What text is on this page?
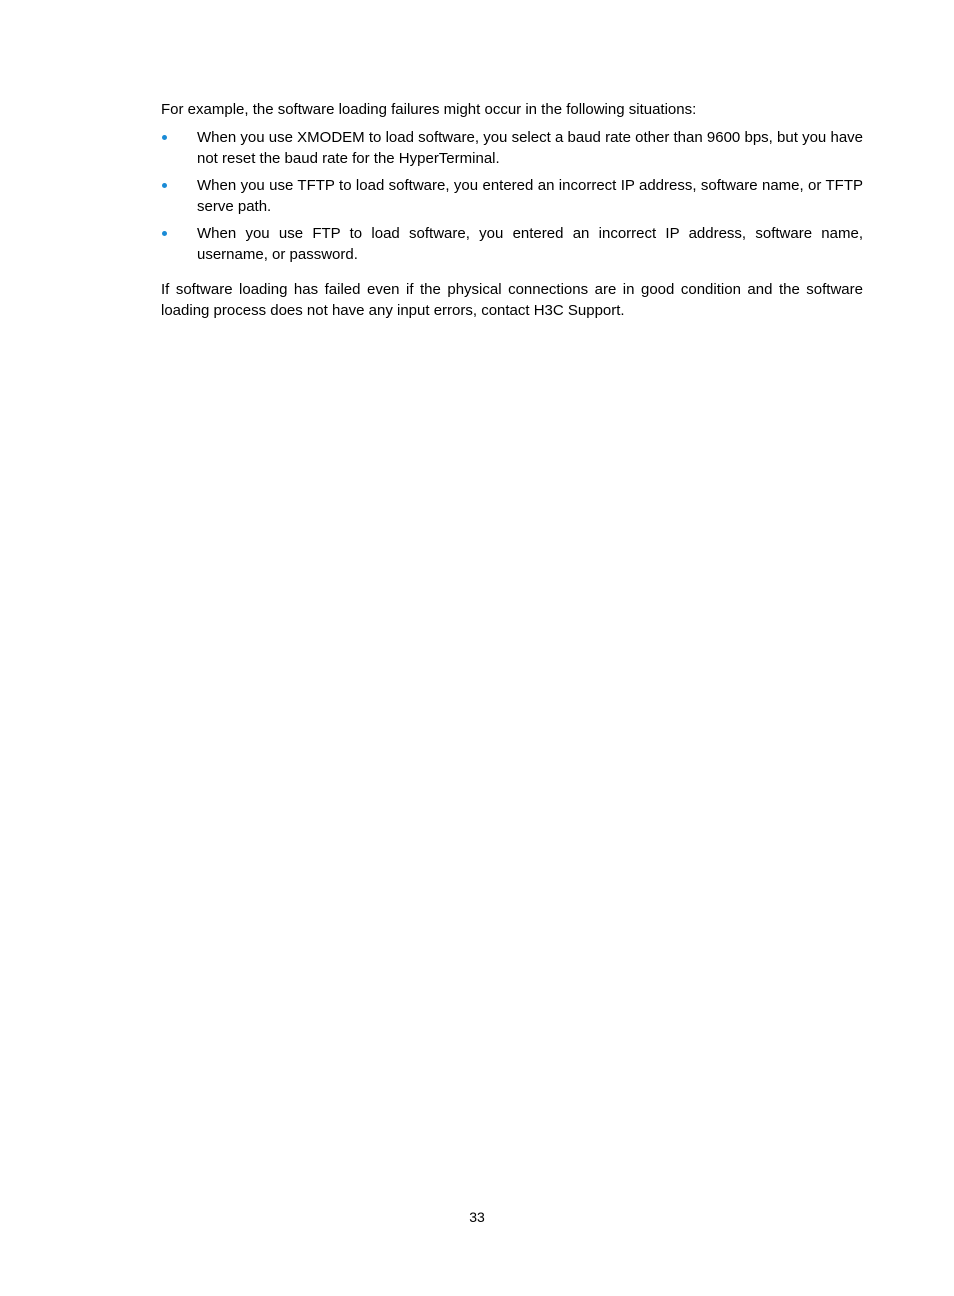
For example, the software loading failures might occur in the following situations:

When you use XMODEM to load software, you select a baud rate other than 9600 bps, but you have not reset the baud rate for the HyperTerminal.
When you use TFTP to load software, you entered an incorrect IP address, software name, or TFTP serve path.
When you use FTP to load software, you entered an incorrect IP address, software name, username, or password.

If software loading has failed even if the physical connections are in good condition and the software loading process does not have any input errors, contact H3C Support.

33
